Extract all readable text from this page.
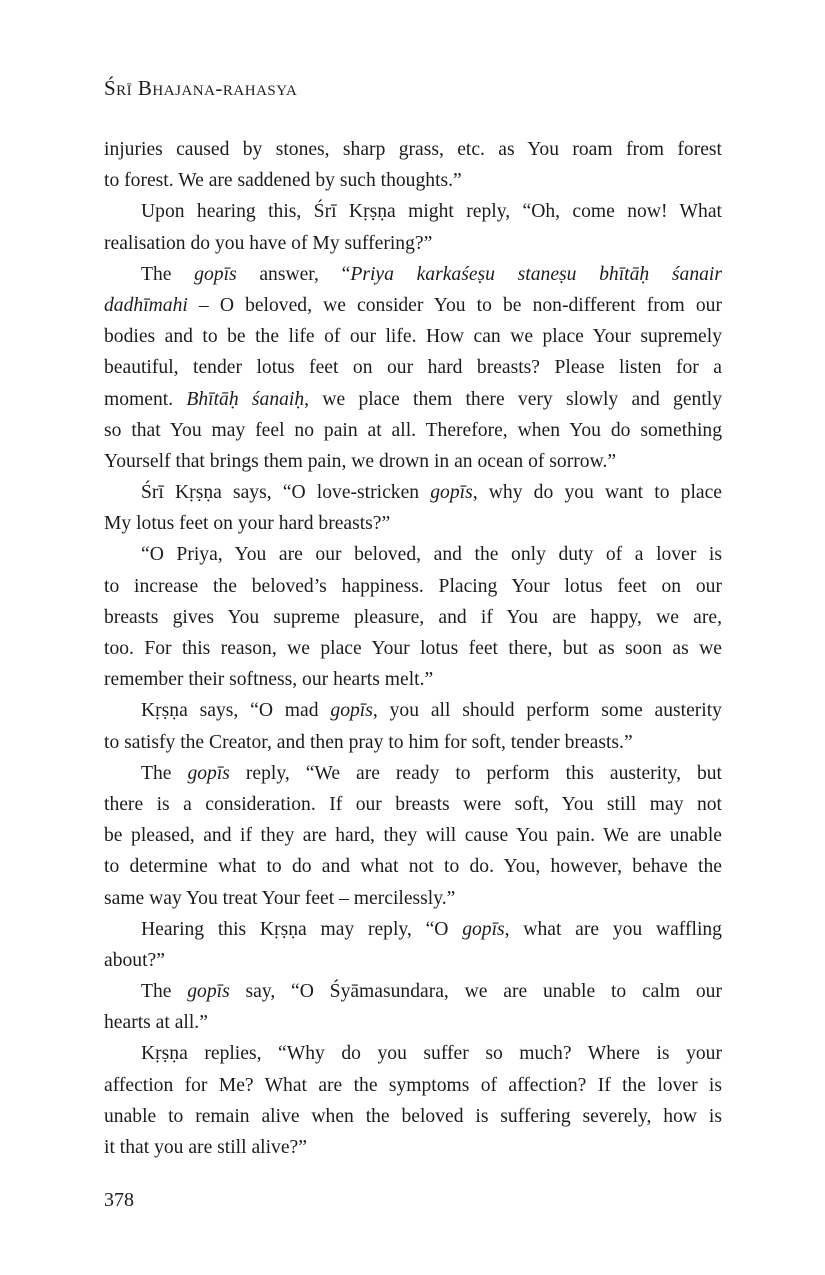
Śrī Bhajana-rahasya
injuries caused by stones, sharp grass, etc. as You roam from forest
to forest. We are saddened by such thoughts.”
Upon hearing this, Śrī Kṛṣṇa might reply, “Oh, come now! What
realisation do you have of My suffering?”
The gopīs answer, “Priya karkaśeṣu staneṣu bhītāḥ śanair
dadhīmahi – O beloved, we consider You to be non-different from our
bodies and to be the life of our life. How can we place Your supremely
beautiful, tender lotus feet on our hard breasts? Please listen for a
moment. Bhītāḥ śanaiḥ, we place them there very slowly and gently
so that You may feel no pain at all. Therefore, when You do something
Yourself that brings them pain, we drown in an ocean of sorrow.”
Śrī Kṛṣṇa says, “O love-stricken gopīs, why do you want to place
My lotus feet on your hard breasts?”
“O Priya, You are our beloved, and the only duty of a lover is
to increase the beloved’s happiness. Placing Your lotus feet on our
breasts gives You supreme pleasure, and if You are happy, we are,
too. For this reason, we place Your lotus feet there, but as soon as we
remember their softness, our hearts melt.”
Kṛṣṇa says, “O mad gopīs, you all should perform some austerity
to satisfy the Creator, and then pray to him for soft, tender breasts.”
The gopīs reply, “We are ready to perform this austerity, but
there is a consideration. If our breasts were soft, You still may not
be pleased, and if they are hard, they will cause You pain. We are unable
to determine what to do and what not to do. You, however, behave the
same way You treat Your feet – mercilessly.”
Hearing this Kṛṣṇa may reply, “O gopīs, what are you waffling
about?”
The gopīs say, “O Śyāmasundara, we are unable to calm our
hearts at all.”
Kṛṣṇa replies, “Why do you suffer so much? Where is your
affection for Me? What are the symptoms of affection? If the lover is
unable to remain alive when the beloved is suffering severely, how is
it that you are still alive?”
378
